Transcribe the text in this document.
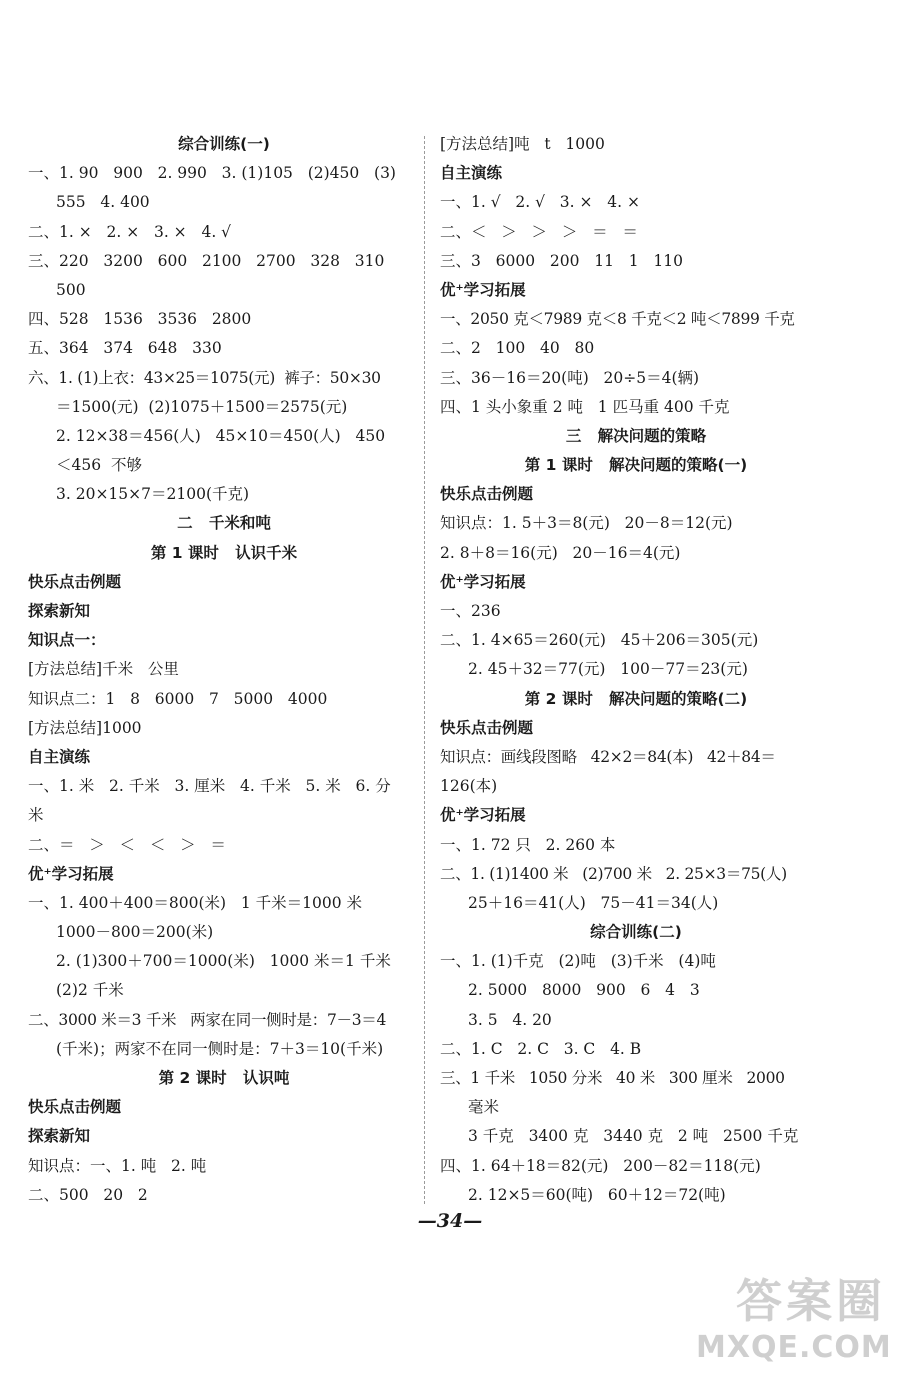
综合训练(一)
一、1. 90   900   2. 990   3. (1)105   (2)450   (3)
555   4. 400
二、1. ×   2. ×   3. ×   4. √
三、220   3200   600   2100   2700   328   310
500
四、528   1536   3536   2800
五、364   374   648   330
六、1. (1)上衣：43×25＝1075(元)  裤子：50×30
＝1500(元)  (2)1075＋1500＝2575(元)
2. 12×38＝456(人)   45×10＝450(人)   450
＜456  不够
3. 20×15×7＝2100(千克)
二   千米和吨
第 1 课时   认识千米
快乐点击例题
探索新知
知识点一：
[方法总结]千米   公里
知识点二：1   8   6000   7   5000   4000
[方法总结]1000
自主演练
一、1. 米   2. 千米   3. 厘米   4. 千米   5. 米   6. 分
米
二、＝   ＞   ＜   ＜   ＞   ＝
优⁺学习拓展
一、1. 400＋400＝800(米)   1 千米＝1000 米
1000－800＝200(米)
2. (1)300＋700＝1000(米)   1000 米＝1 千米
(2)2 千米
二、3000 米＝3 千米   两家在同一侧时是：7－3＝4
(千米)；两家不在同一侧时是：7＋3＝10(千米)
第 2 课时   认识吨
快乐点击例题
探索新知
知识点：一、1. 吨   2. 吨
二、500   20   2
[方法总结]吨   t   1000
自主演练
一、1. √   2. √   3. ×   4. ×
二、＜   ＞   ＞   ＞   ＝   ＝
三、3   6000   200   11   1   110
优⁺学习拓展
一、2050 克＜7989 克＜8 千克＜2 吨＜7899 千克
二、2   100   40   80
三、36－16＝20(吨)   20÷5＝4(辆)
四、1 头小象重 2 吨   1 匹马重 400 千克
三   解决问题的策略
第 1 课时   解决问题的策略(一)
快乐点击例题
知识点：1. 5＋3＝8(元)   20－8＝12(元)
2. 8＋8＝16(元)   20－16＝4(元)
优⁺学习拓展
一、236
二、1. 4×65＝260(元)   45＋206＝305(元)
2. 45＋32＝77(元)   100－77＝23(元)
第 2 课时   解决问题的策略(二)
快乐点击例题
知识点：画线段图略   42×2＝84(本)   42＋84＝
126(本)
优⁺学习拓展
一、1. 72 只   2. 260 本
二、1. (1)1400 米   (2)700 米   2. 25×3＝75(人)
25＋16＝41(人)   75－41＝34(人)
综合训练(二)
一、1. (1)千克   (2)吨   (3)千米   (4)吨
2. 5000   8000   900   6   4   3
3. 5   4. 20
二、1. C   2. C   3. C   4. B
三、1 千米   1050 分米   40 米   300 厘米   2000
毫米
3 千克   3400 克   3440 克   2 吨   2500 千克
四、1. 64＋18＝82(元)   200－82＝118(元)
2. 12×5＝60(吨)   60＋12＝72(吨)
—34—
答案圈
MXQE.COM
